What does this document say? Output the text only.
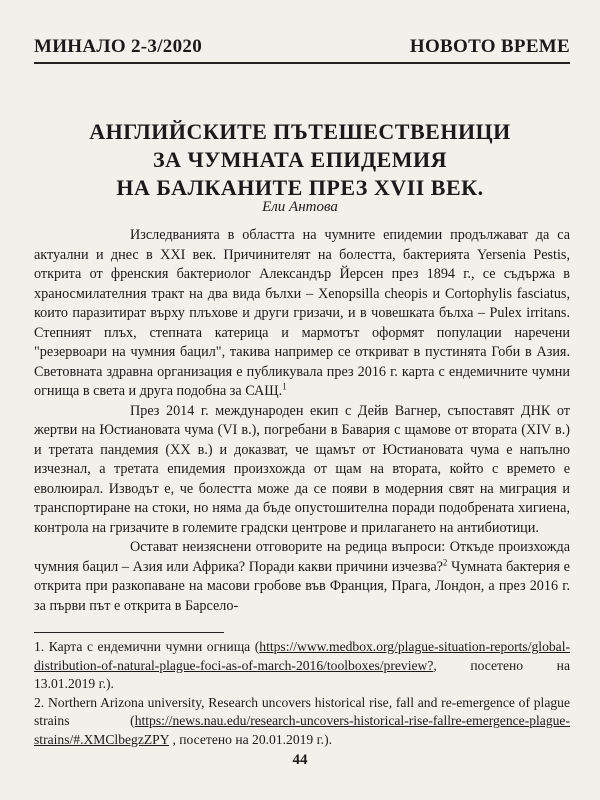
МИНАЛО 2-3/2020	НОВОТО ВРЕМЕ
АНГЛИЙСКИТЕ ПЪТЕШЕСТВЕНИЦИ
ЗА ЧУМНАТА ЕПИДЕМИЯ
НА БАЛКАНИТЕ ПРЕЗ XVII ВЕК.
Ели Антова

Изследванията в областта на чумните епидемии продължават да са актуални и днес в XXI век. Причинителят на болестта, бактерията Yersenia Pestis, открита от френския бактериолог Александър Йерсен през 1894 г., се съдържа в храносмилателния тракт на два вида бълхи – Xenopsilla cheopis и Cortophylis fasciatus, които паразитират върху плъхове и други гризачи, и в човешката бълха – Pulex irritans. Степният плъх, степната катерица и мармотът оформят популации наречени "резервоари на чумния бацил", такива например се откриват в пустинята Гоби в Азия. Световната здравна организация е публикувала през 2016 г. карта с ендемичните чумни огнища в света и друга подобна за САЩ.$^1$

През 2014 г. международен екип с Дейв Вагнер, съпоставят ДНК от жертви на Юстиановата чума (VI в.), погребани в Бавария с щамове от втората (XIV в.) и третата пандемия (XX в.) и доказват, че щамът от Юстиановата чума е напълно изчезнал, а третата епидемия произхожда от щам на втората, който с времето е еволюирал. Изводът е, че болестта може да се появи в модерния свят на миграция и транспортиране на стоки, но няма да бъде опустошителна поради подобрената хигиена, контрола на гризачите в големите градски центрове и прилагането на антибиотици.

Остават неизяснени отговорите на редица въпроси: Откъде произхожда чумния бацил – Азия или Африка? Поради какви причини изчезва?$^2$ Чумната бактерия е открита при разкопаване на масови гробове във Франция, Прага, Лондон, а през 2016 г. за първи път е открита в Барсело-

1. Карта с ендемични чумни огнища (https://www.medbox.org/plague-situation-reports/global- distribution-of-natural-plague-foci-as-of-march-2016/toolboxes/preview?, посетено на 13.01.2019 г.).

2. Northern Arizona university, Research uncovers historical rise, fall and re-emergence of plague strains (https://news.nau.edu/research-uncovers-historical-rise-fallre-emergence-plague-strains/#.XMClbegzZPY , посетено на 20.01.2019 г.).

44
